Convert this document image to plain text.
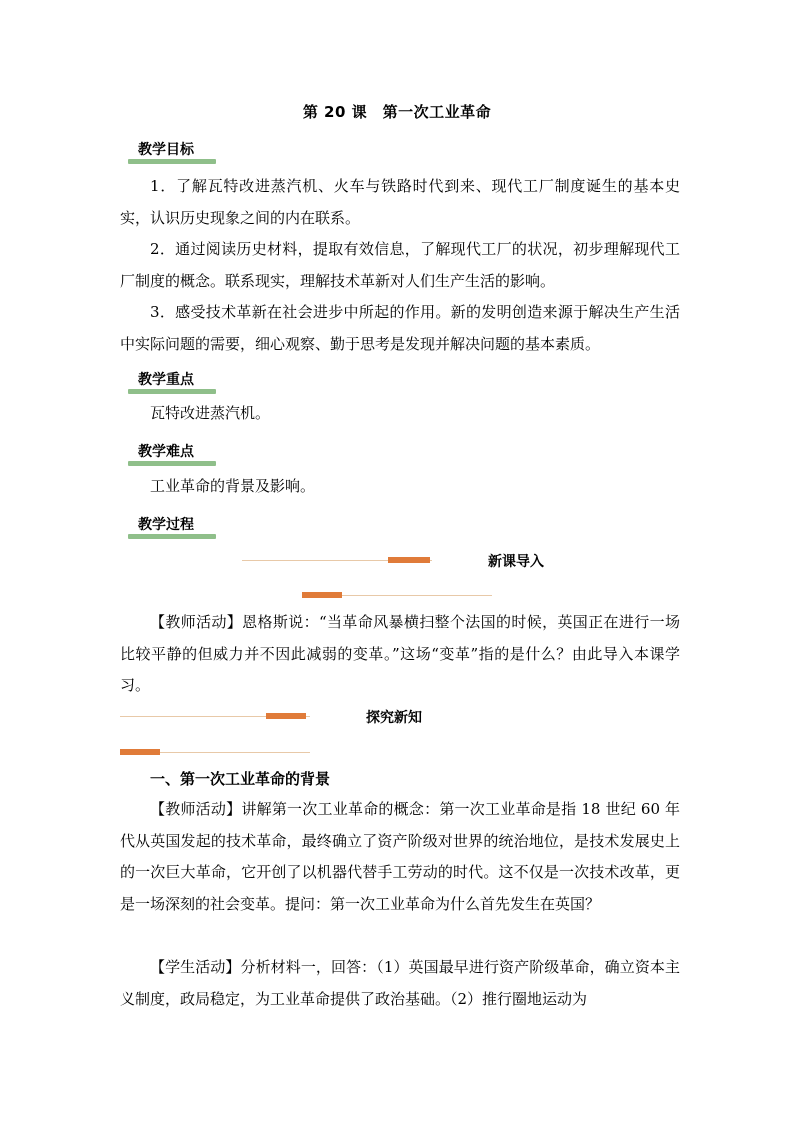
第 20 课　第一次工业革命
教学目标
1．了解瓦特改进蒸汽机、火车与铁路时代到来、现代工厂制度诞生的基本史实，认识历史现象之间的内在联系。
2．通过阅读历史材料，提取有效信息，了解现代工厂的状况，初步理解现代工厂制度的概念。联系现实，理解技术革新对人们生产生活的影响。
3．感受技术革新在社会进步中所起的作用。新的发明创造来源于解决生产生活中实际问题的需要，细心观察、勤于思考是发现并解决问题的基本素质。
教学重点
瓦特改进蒸汽机。
教学难点
工业革命的背景及影响。
教学过程
新课导入
【教师活动】恩格斯说：“当革命风暴横扫整个法国的时候，英国正在进行一场比较平静的但威力并不因此减弱的变革。”这场“变革”指的是什么？由此导入本课学习。
探究新知
一、第一次工业革命的背景
【教师活动】讲解第一次工业革命的概念：第一次工业革命是指 18 世纪 60 年代从英国发起的技术革命，最终确立了资产阶级对世界的统治地位，是技术发展史上的一次巨大革命，它开创了以机器代替手工劳动的时代。这不仅是一次技术改革，更是一场深刻的社会变革。提问：第一次工业革命为什么首先发生在英国？
【学生活动】分析材料一，回答：（1）英国最早进行资产阶级革命，确立资本主义制度，政局稳定，为工业革命提供了政治基础。（2）推行圈地运动为
